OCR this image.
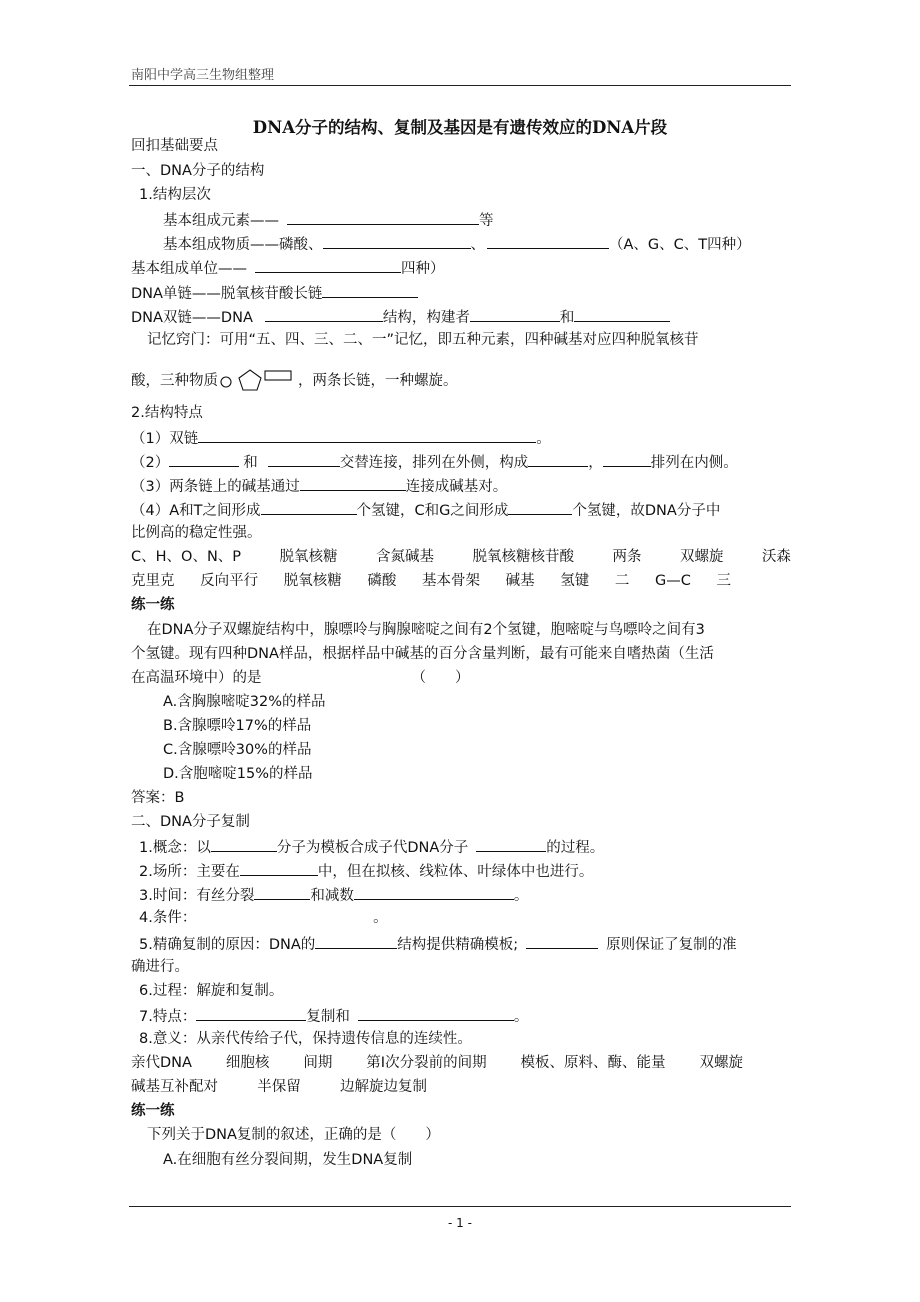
南阳中学高三生物组整理
DNA分子的结构、复制及基因是有遗传效应的DNA片段
回扣基础要点
一、DNA分子的结构
1.结构层次
基本组成元素——	等
基本组成物质——磷酸、	、	（A、G、C、T四种）
基本组成单位——	四种）
DNA单链——脱氧核苷酸长链
DNA双链——DNA	结构，构建者	和
记忆窍门：可用“五、四、三、二、一”记忆，即五种元素，四种碱基对应四种脱氧核苷
酸，三种物质	，两条长链，一种螺旋。
2.结构特点
（1）双链	。
（2）	和	交替连接，排列在外侧，构成	，	排列在内侧。
（3）两条链上的碱基通过	连接成碱基对。
（4）A和T之间形成	个氢键，C和G之间形成	个氢键，故DNA分子中
比例高的稳定性强。
C、H、O、N、P	脱氧核糖	含氮碱基	脱氧核糖核苷酸	两条	双螺旋	沃森
克里克 反向平行 脱氧核糖 磷酸 基本骨架 碱基 氢键 二 G—C 三
练一练
在DNA分子双螺旋结构中，腺嘌呤与胸腺嘧啶之间有2个氢键，胞嘧啶与鸟嘌呤之间有3
个氢键。现有四种DNA样品，根据样品中碱基的百分含量判断，最有可能来自嗜热菌（生活
在高温环境中）的是	（　　）
A.含胸腺嘧啶32%的样品
B.含腺嘌呤17%的样品
C.含腺嘌呤30%的样品
D.含胞嘧啶15%的样品
答案：B
二、DNA分子复制
1.概念：以	分子为模板合成子代DNA分子	的过程。
2.场所：主要在	中，但在拟核、线粒体、叶绿体中也进行。
3.时间：有丝分裂	和减数	。
4.条件：	。
5.精确复制的原因：DNA的	结构提供精确模板;	原则保证了复制的准
确进行。
6.过程：解旋和复制。
7.特点：	复制和	。
8.意义：从亲代传给子代，保持遗传信息的连续性。
亲代DNA 细胞核 间期 第Ⅰ次分裂前的间期 模板、原料、酶、能量 双螺旋
碱基互补配对	半保留	边解旋边复制
练一练
下列关于DNA复制的叙述，正确的是（　　）
A.在细胞有丝分裂间期，发生DNA复制
- 1 -
